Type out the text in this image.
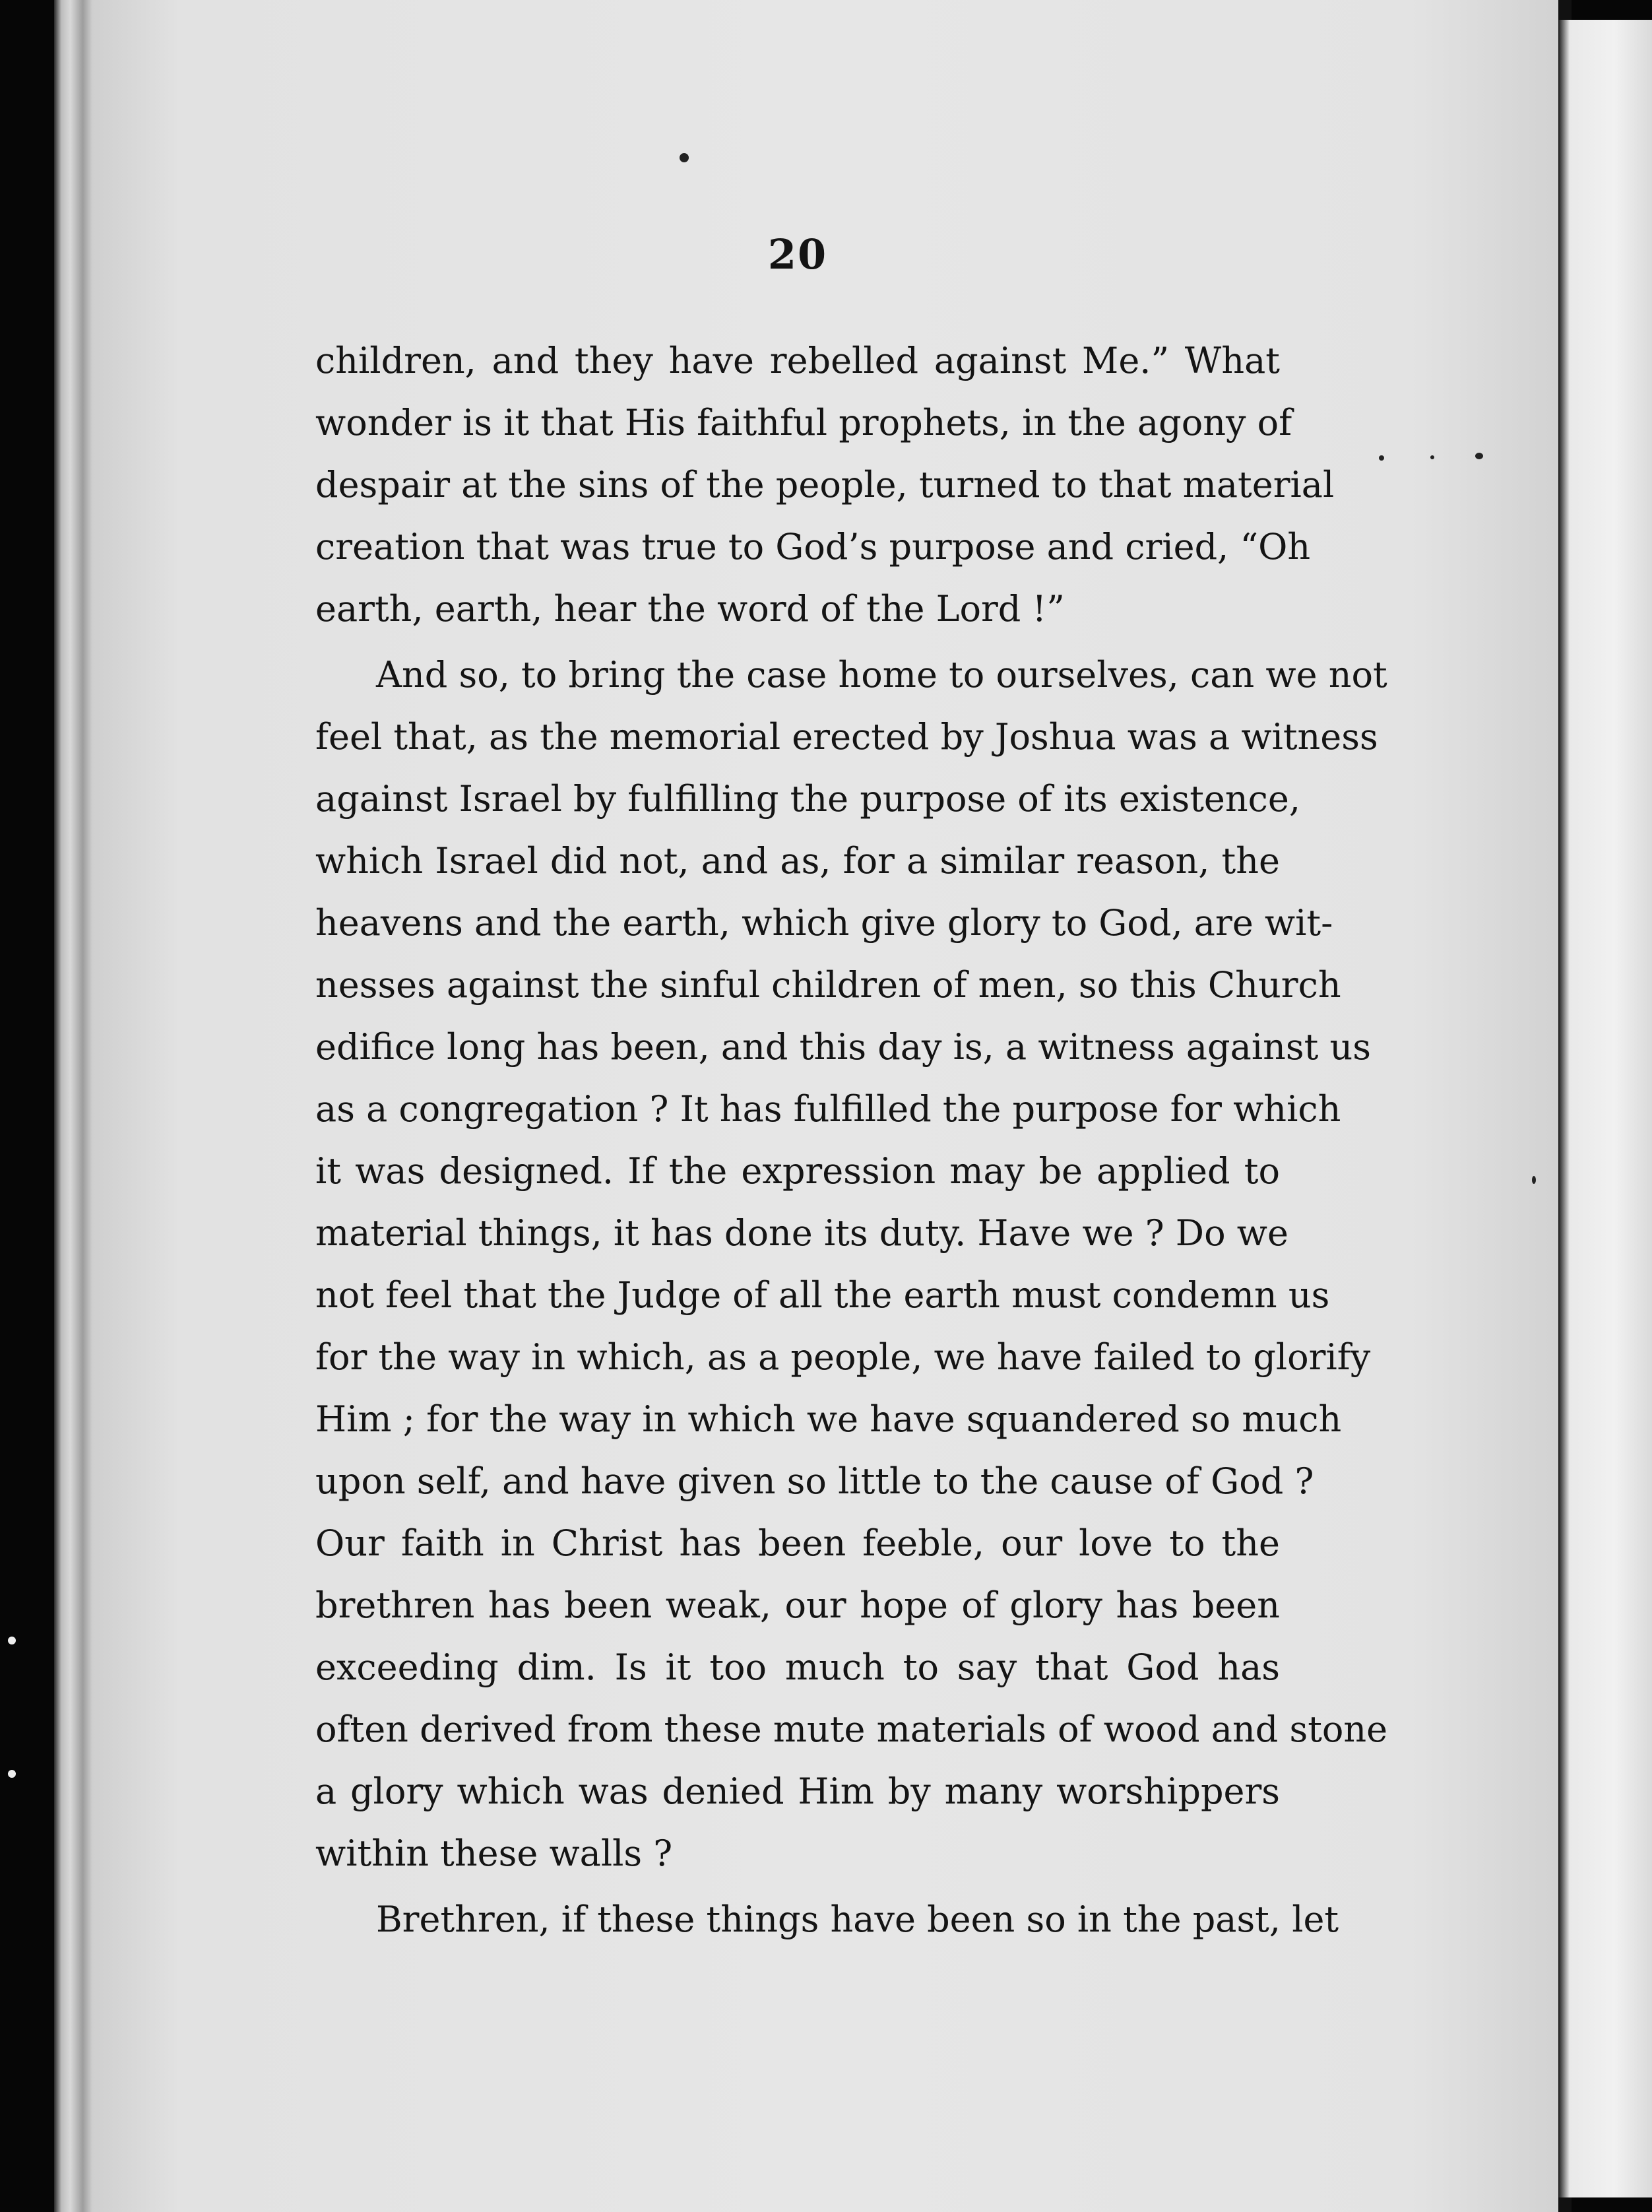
20
children, and they have rebelled against Me.” What
wonder is it that His faithful prophets, in the agony of
despair at the sins of the people, turned to that material
creation that was true to God’s purpose and cried, “Oh
earth, earth, hear the word of the Lord !”
And so, to bring the case home to ourselves, can we not
feel that, as the memorial erected by Joshua was a witness
against Israel by fulfilling the purpose of its existence,
which Israel did not, and as, for a similar reason, the
heavens and the earth, which give glory to God, are wit-
nesses against the sinful children of men, so this Church
edifice long has been, and this day is, a witness against us
as a congregation ? It has fulfilled the purpose for which
it was designed. If the expression may be applied to
material things, it has done its duty. Have we ? Do we
not feel that the Judge of all the earth must condemn us
for the way in which, as a people, we have failed to glorify
Him ; for the way in which we have squandered so much
upon self, and have given so little to the cause of God ?
Our faith in Christ has been feeble, our love to the
brethren has been weak, our hope of glory has been
exceeding dim. Is it too much to say that God has
often derived from these mute materials of wood and stone
a glory which was denied Him by many worshippers
within these walls ?
Brethren, if these things have been so in the past, let
